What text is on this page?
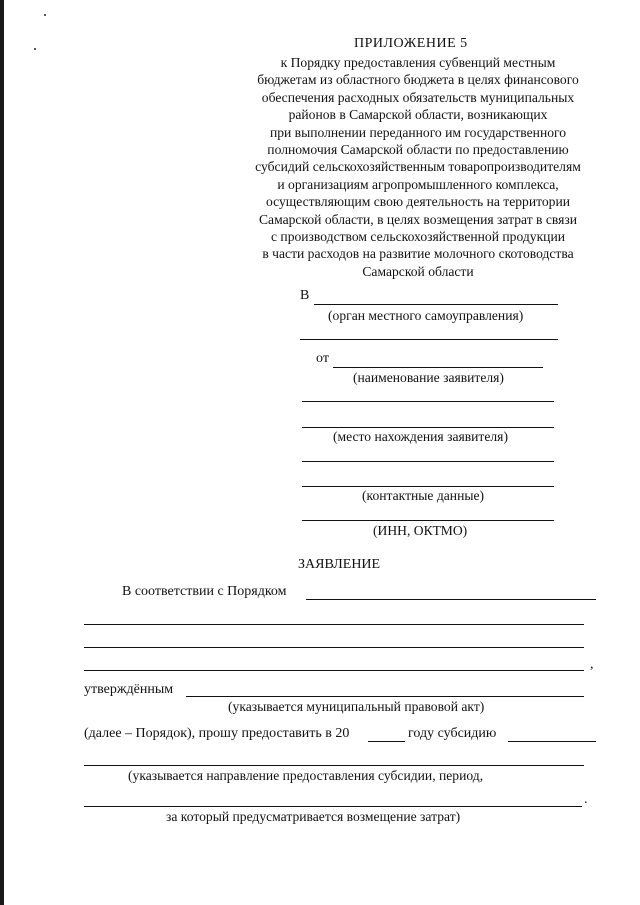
ПРИЛОЖЕНИЕ 5
к Порядку предоставления субвенций местным
бюджетам из областного бюджета в целях финансового
обеспечения расходных обязательств муниципальных
районов в Самарской области, возникающих
при выполнении переданного им государственного
полномочия Самарской области по предоставлению
субсидий сельскохозяйственным товаропроизводителям
и организациям агропромышленного комплекса,
осуществляющим свою деятельность на территории
Самарской области, в целях возмещения затрат в связи
с производством сельскохозяйственной продукции
в части расходов на развитие молочного скотоводства
Самарской области
В
(орган местного самоуправления)
от
(наименование заявителя)
(место нахождения заявителя)
(контактные данные)
(ИНН, ОКТМО)
ЗАЯВЛЕНИЕ
В соответствии с Порядком
,
утверждённым
(указывается муниципальный правовой акт)
(далее – Порядок), прошу предоставить в 20	году субсидию
(указывается направление предоставления субсидии, период,
.
за который предусматривается возмещение затрат)
